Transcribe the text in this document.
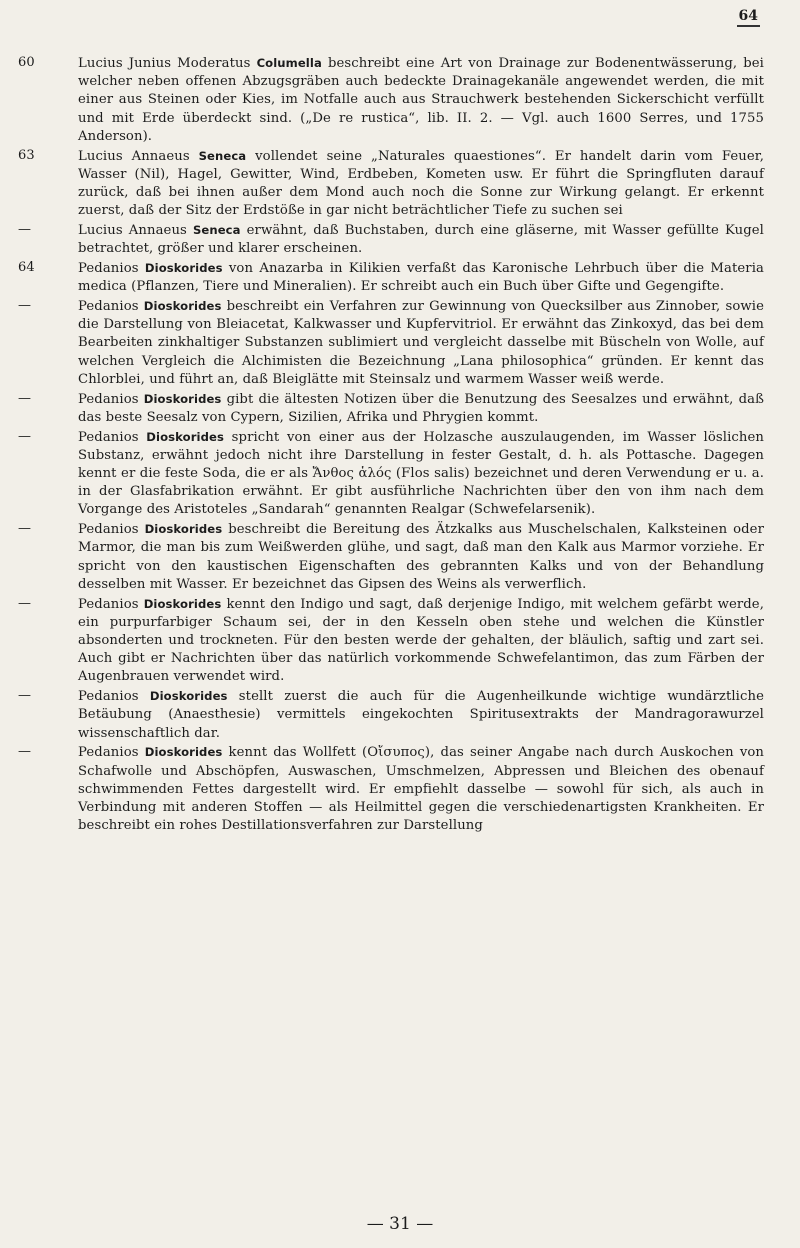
64
60	Lucius Junius Moderatus Columella beschreibt eine Art von Drainage zur Bodenentwässerung, bei welcher neben offenen Abzugsgräben auch bedeckte Drainagekanäle angewendet werden, die mit einer aus Steinen oder Kies, im Notfalle auch aus Strauchwerk bestehenden Sickerschicht verfüllt und mit Erde überdeckt sind. („De re rustica“, lib. II. 2. — Vgl. auch 1600 Serres, und 1755 Anderson).
63	Lucius Annaeus Seneca vollendet seine „Naturales quaestiones“. Er handelt darin vom Feuer, Wasser (Nil), Hagel, Gewitter, Wind, Erdbeben, Kometen usw. Er führt die Springfluten darauf zurück, daß bei ihnen außer dem Mond auch noch die Sonne zur Wirkung gelangt. Er erkennt zuerst, daß der Sitz der Erdstöße in gar nicht beträchtlicher Tiefe zu suchen sei
—	Lucius Annaeus Seneca erwähnt, daß Buchstaben, durch eine gläserne, mit Wasser gefüllte Kugel betrachtet, größer und klarer erscheinen.
64	Pedanios Dioskorides von Anazarba in Kilikien verfaßt das Karonische Lehrbuch über die Materia medica (Pflanzen, Tiere und Mineralien). Er schreibt auch ein Buch über Gifte und Gegengifte.
—	Pedanios Dioskorides beschreibt ein Verfahren zur Gewinnung von Quecksilber aus Zinnober, sowie die Darstellung von Bleiacetat, Kalkwasser und Kupfervitriol. Er erwähnt das Zinkoxyd, das bei dem Bearbeiten zinkhaltiger Substanzen sublimiert und vergleicht dasselbe mit Büscheln von Wolle, auf welchen Vergleich die Alchimisten die Bezeichnung „Lana philosophica“ gründen. Er kennt das Chlorblei, und führt an, daß Bleiglätte mit Steinsalz und warmem Wasser weiß werde.
—	Pedanios Dioskorides gibt die ältesten Notizen über die Benutzung des Seesalzes und erwähnt, daß das beste Seesalz von Cypern, Sizilien, Afrika und Phrygien kommt.
—	Pedanios Dioskorides spricht von einer aus der Holzasche auszulaugenden, im Wasser löslichen Substanz, erwähnt jedoch nicht ihre Darstellung in fester Gestalt, d. h. als Pottasche. Dagegen kennt er die feste Soda, die er als Ἄνθος ἁλός (Flos salis) bezeichnet und deren Verwendung er u. a. in der Glasfabrikation erwähnt. Er gibt ausführliche Nachrichten über den von ihm nach dem Vorgange des Aristoteles „Sandarah“ genannten Realgar (Schwefelarsenik).
—	Pedanios Dioskorides beschreibt die Bereitung des Ätzkalks aus Muschelschalen, Kalksteinen oder Marmor, die man bis zum Weißwerden glühe, und sagt, daß man den Kalk aus Marmor vorziehe. Er spricht von den kaustischen Eigenschaften des gebrannten Kalks und von der Behandlung desselben mit Wasser. Er bezeichnet das Gipsen des Weins als verwerflich.
—	Pedanios Dioskorides kennt den Indigo und sagt, daß derjenige Indigo, mit welchem gefärbt werde, ein purpurfarbiger Schaum sei, der in den Kesseln oben stehe und welchen die Künstler absonderten und trockneten. Für den besten werde der gehalten, der bläulich, saftig und zart sei. Auch gibt er Nachrichten über das natürlich vorkommende Schwefelantimon, das zum Färben der Augenbrauen verwendet wird.
—	Pedanios Dioskorides stellt zuerst die auch für die Augenheilkunde wichtige wundärztliche Betäubung (Anaesthesie) vermittels eingekochten Spiritusextrakts der Mandragorawurzel wissenschaftlich dar.
—	Pedanios Dioskorides kennt das Wollfett (Οἴσυπος), das seiner Angabe nach durch Auskochen von Schafwolle und Abschöpfen, Auswaschen, Umschmelzen, Abpressen und Bleichen des obenauf schwimmenden Fettes dargestellt wird. Er empfiehlt dasselbe — sowohl für sich, als auch in Verbindung mit anderen Stoffen — als Heilmittel gegen die verschiedenartigsten Krankheiten. Er beschreibt ein rohes Destillationsverfahren zur Darstellung
— 31 —
